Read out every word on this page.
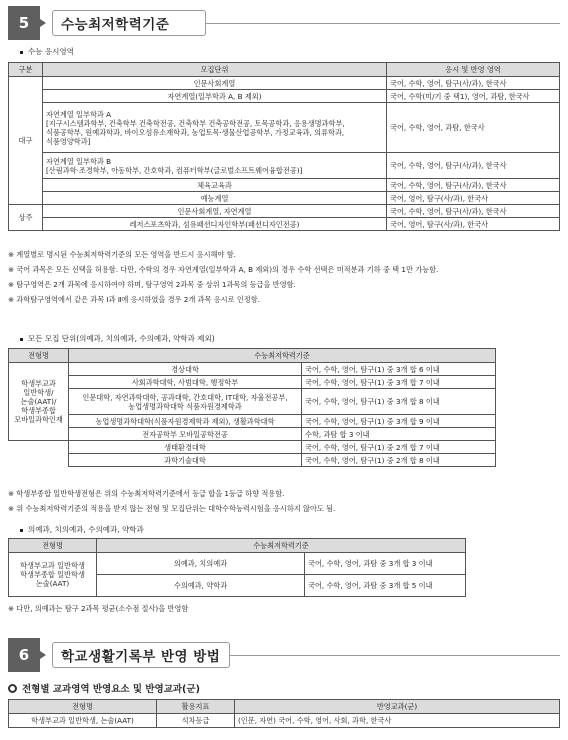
5	수능최저학력기준
수능 응시영역
구분	모집단위	응시 및 반영 영역
대구	인문사회계열	국어, 수학, 영어, 탐구(사/과), 한국사
	자연계열(일부학과 A, B 제외)	국어, 수학(미/기 중 택1), 영어, 과탐, 한국사
	자연계열 일부학과 A
[지구시스템과학부, 건축학부 건축학전공, 건축학부 건축공학전공, 토목공학과, 응용생명과학부,
식품공학부, 원예과학과, 바이오섬유소재학과, 농업토목·생물산업공학부, 가정교육과, 의류학과,
식품영양학과]	국어, 수학, 영어, 과탐, 한국사
	자연계열 일부학과 B
[산림과학·조경학부, 아동학부, 간호학과, 컴퓨터학부(글로벌소프트웨어융합전공)]	국어, 수학, 영어, 탐구(사/과), 한국사
	체육교육과	국어, 수학, 영어, 탐구(사/과), 한국사
	예능계열	국어, 영어, 탐구(사/과), 한국사
상주	인문사회계열, 자연계열	국어, 수학, 영어, 탐구(사/과), 한국사
	레저스포츠학과, 섬유패션디자인학부(패션디자인전공)	국어, 영어, 탐구(사/과), 한국사
※ 계열별로 명시된 수능최저학력기준의 모든 영역을 반드시 응시해야 함.
※ 국어 과목은 모든 선택을 허용함. 다만, 수학의 경우 자연계열(일부학과 A, B 제외)의 경우 수학 선택은 미적분과 기하 중 택 1만 가능함.
※ 탐구영역은 2개 과목에 응시하여야 하며, 탐구영역 2과목 중 상위 1과목의 등급을 반영함.
※ 과학탐구영역에서 같은 과목 Ⅰ과 Ⅱ에 응시하였을 경우 2개 과목 응시로 인정함.
모든 모집 단위(의예과, 치의예과, 수의예과, 약학과 제외)
전형명	수능최저학력기준	
학생부교과
일반학생/
논술(AAT)/
학생부종합
모바일과학인재	경상대학	국어, 수학, 영어, 탐구(1) 중 3개 합 6 이내
	사회과학대학, 사범대학, 행정학부	국어, 수학, 영어, 탐구(1) 중 3개 합 7 이내
	인문대학, 자연과학대학, 공과대학, 간호대학, IT대학, 자율전공부,
농업생명과학대학 식품자원경제학과	국어, 수학, 영어, 탐구(1) 중 3개 합 8 이내
	농업생명과학대학(식품자원경제학과 제외), 생활과학대학	국어, 수학, 영어, 탐구(1) 중 3개 합 9 이내
	전자공학부 모바일공학전공	수학, 과탐 합 3 이내
	생태환경대학	국어, 수학, 영어, 탐구(1) 중 2개 합 7 이내
	과학기술대학	국어, 수학, 영어, 탐구(1) 중 2개 합 8 이내
※ 학생부종합 일반학생전형은 위의 수능최저학력기준에서 등급 합을 1등급 하향 적용함.
※ 위 수능최저학력기준의 적용을 받지 않는 전형 및 모집단위는 대학수학능력시험을 응시하지 않아도 됨.
의예과, 치의예과, 수의예과, 약학과
전형명	수능최저학력기준	
학생부교과 일반학생
학생부종합 일반학생
논술(AAT)	의예과, 치의예과	국어, 수학, 영어, 과탐 중 3개 합 3 이내
	수의예과, 약학과	국어, 수학, 영어, 과탐 중 3개 합 5 이내
※ 다만, 의예과는 탐구 2과목 평균(소수점 절사)을 반영함
6	학교생활기록부 반영 방법
전형별 교과영역 반영요소 및 반영교과(군)
전형명	활용지표	반영교과(군)
학생부교과 일반학생, 논술(AAT)	석차등급	(인문, 자연) 국어, 수학, 영어, 사회, 과학, 한국사
